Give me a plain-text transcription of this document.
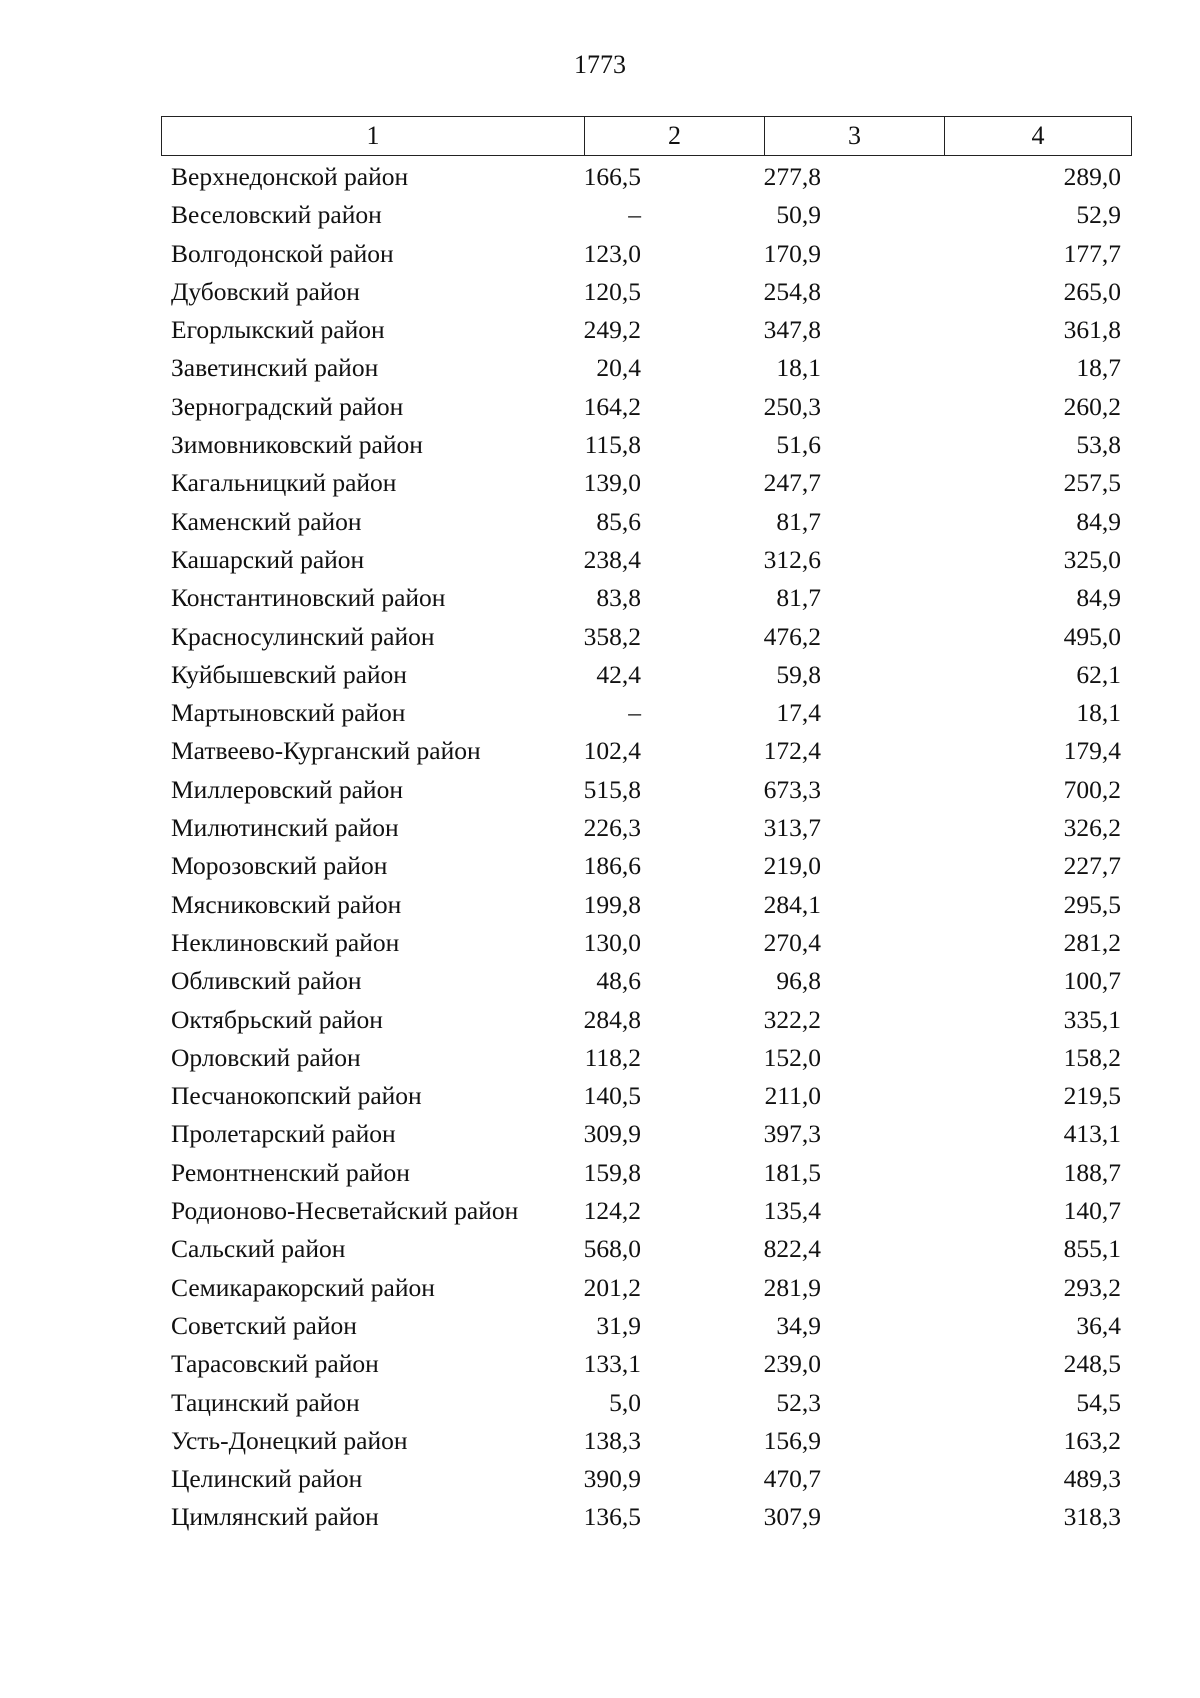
1773
1	2	3	4
Верхнедонской район	166,5	277,8	289,0
Веселовский район	–	50,9	52,9
Волгодонской район	123,0	170,9	177,7
Дубовский район	120,5	254,8	265,0
Егорлыкский район	249,2	347,8	361,8
Заветинский район	20,4	18,1	18,7
Зерноградский район	164,2	250,3	260,2
Зимовниковский район	115,8	51,6	53,8
Кагальницкий район	139,0	247,7	257,5
Каменский район	85,6	81,7	84,9
Кашарский район	238,4	312,6	325,0
Константиновский район	83,8	81,7	84,9
Красносулинский район	358,2	476,2	495,0
Куйбышевский район	42,4	59,8	62,1
Мартыновский район	–	17,4	18,1
Матвеево-Курганский район	102,4	172,4	179,4
Миллеровский район	515,8	673,3	700,2
Милютинский район	226,3	313,7	326,2
Морозовский район	186,6	219,0	227,7
Мясниковский район	199,8	284,1	295,5
Неклиновский район	130,0	270,4	281,2
Обливский район	48,6	96,8	100,7
Октябрьский район	284,8	322,2	335,1
Орловский район	118,2	152,0	158,2
Песчанокопский район	140,5	211,0	219,5
Пролетарский район	309,9	397,3	413,1
Ремонтненский район	159,8	181,5	188,7
Родионово-Несветайский район	124,2	135,4	140,7
Сальский район	568,0	822,4	855,1
Семикаракорский район	201,2	281,9	293,2
Советский район	31,9	34,9	36,4
Тарасовский район	133,1	239,0	248,5
Тацинский район	5,0	52,3	54,5
Усть-Донецкий район	138,3	156,9	163,2
Целинский район	390,9	470,7	489,3
Цимлянский район	136,5	307,9	318,3
